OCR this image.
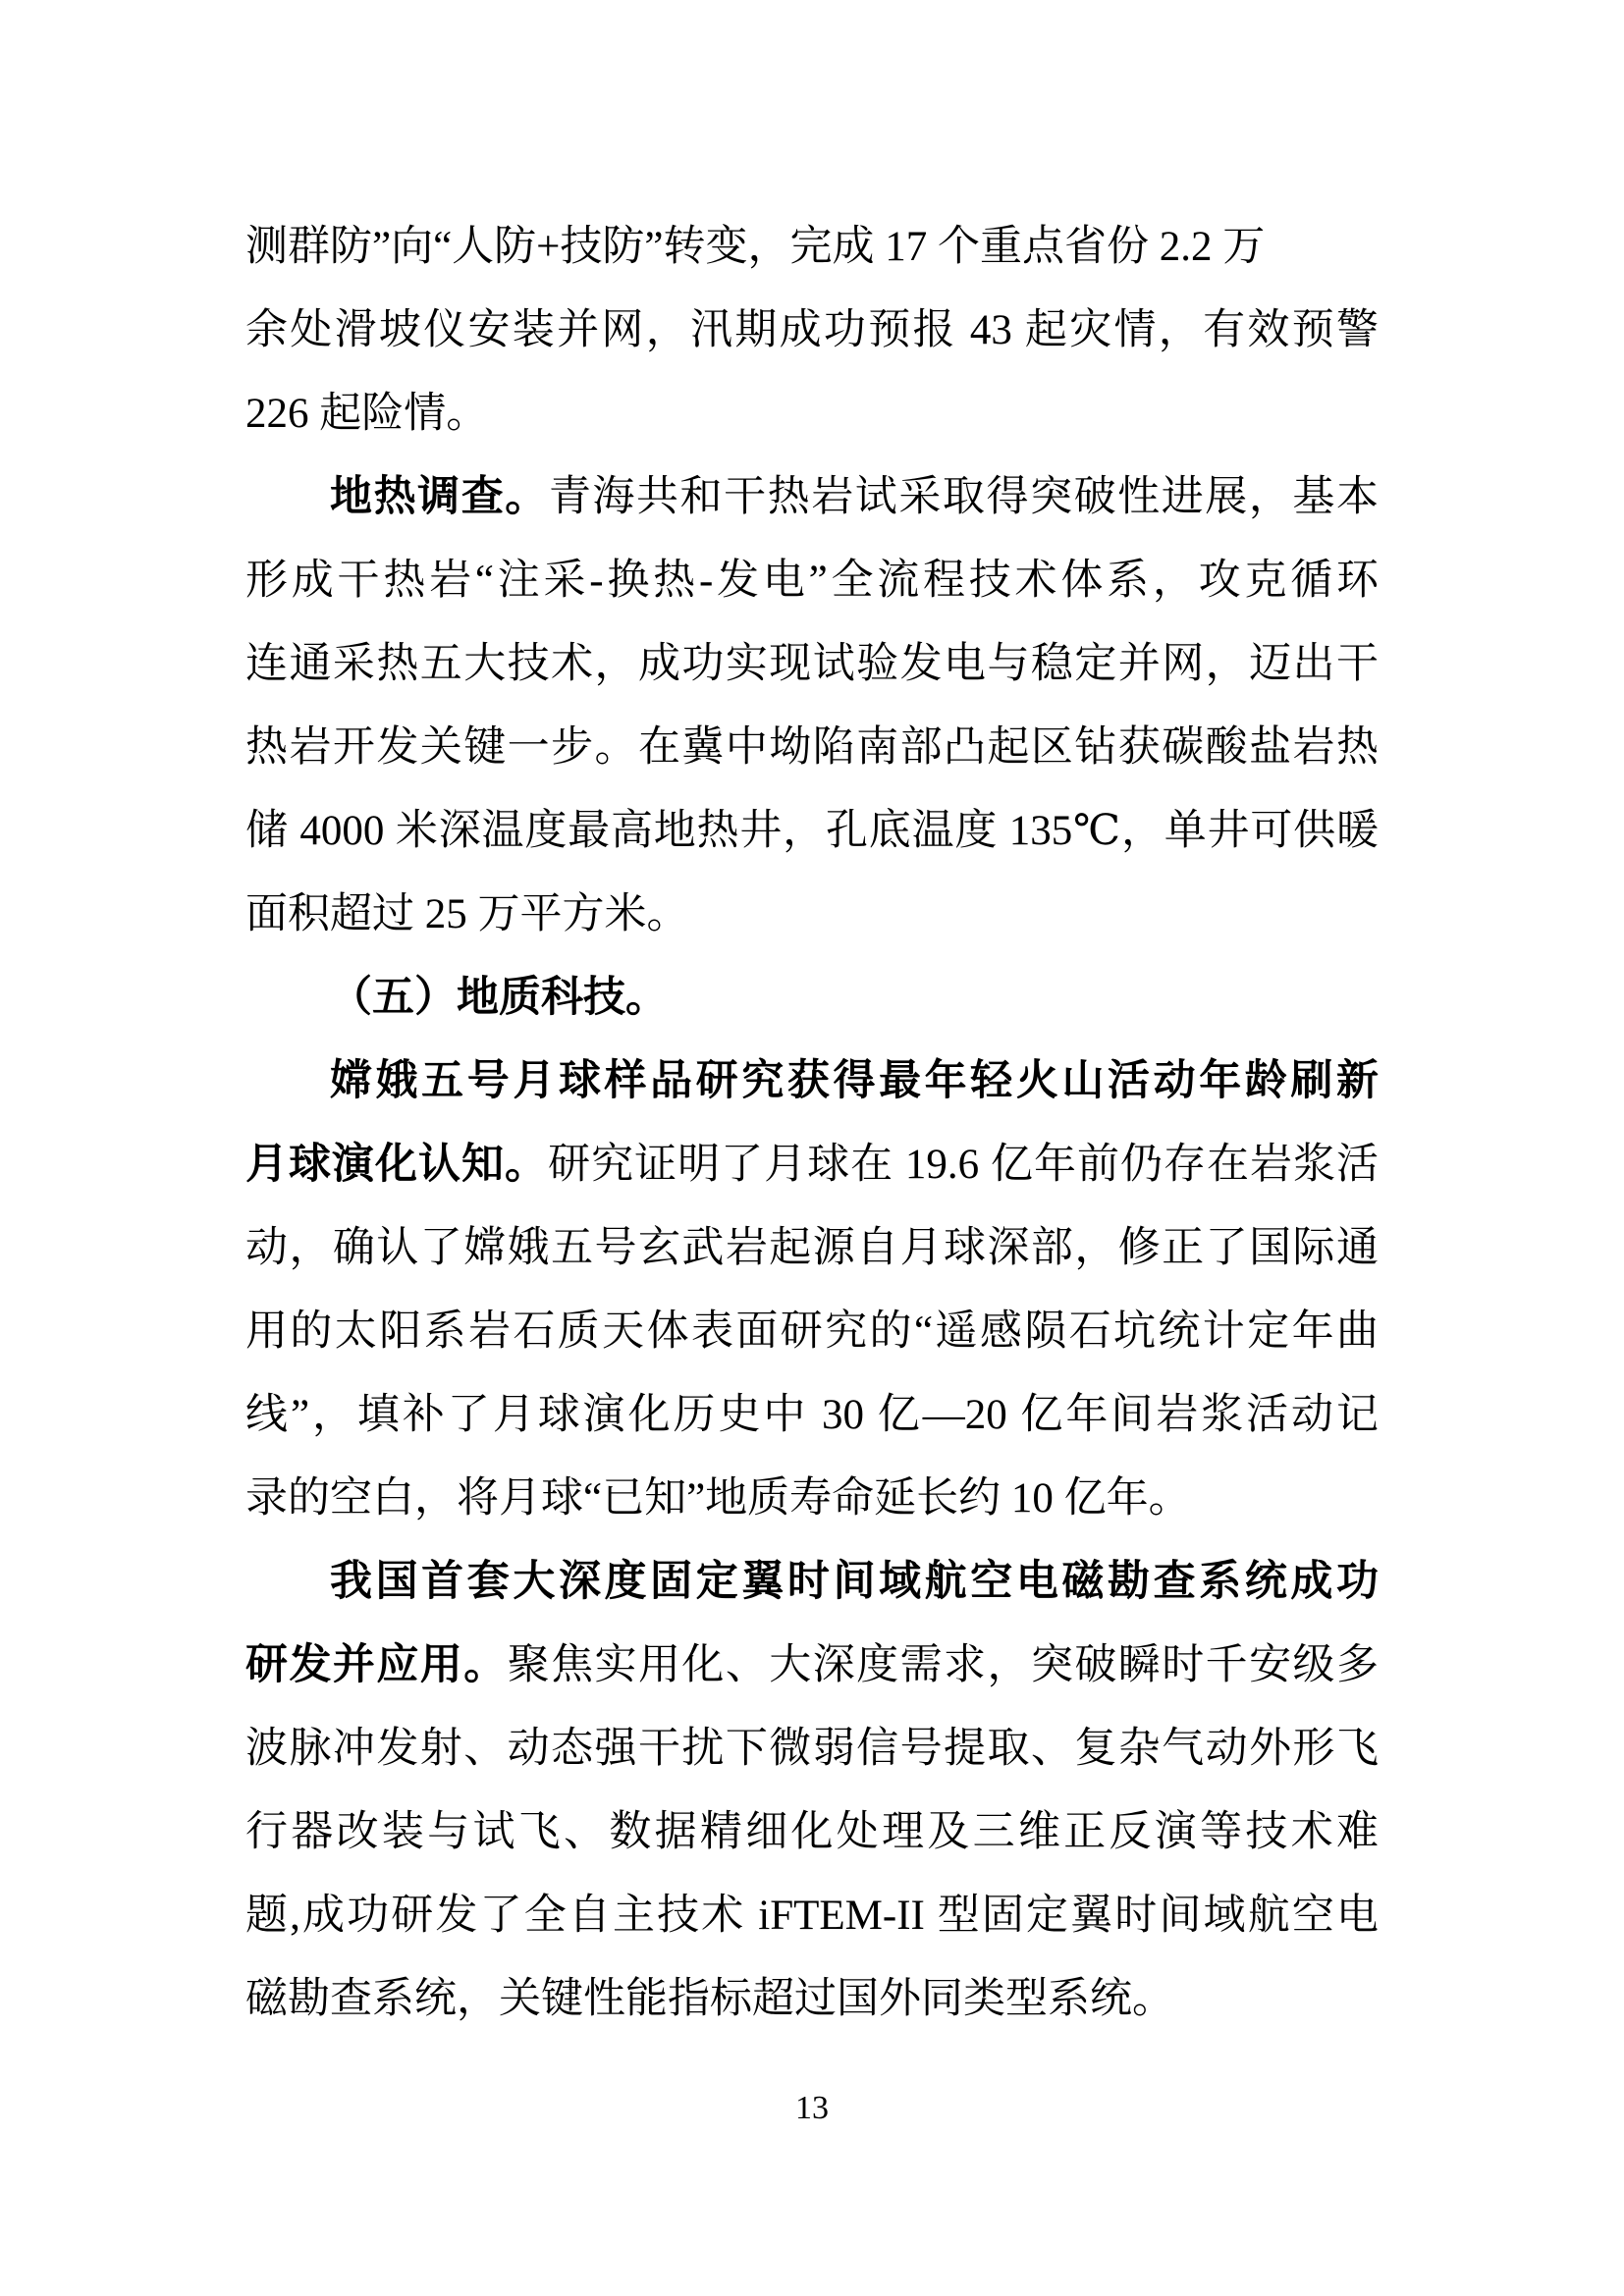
测群防”向“人防+技防”转变，完成 17 个重点省份 2.2 万
余处滑坡仪安装并网，汛期成功预报 43 起灾情，有效预警
226 起险情。
地热调查。青海共和干热岩试采取得突破性进展，基本
形成干热岩“注采-换热-发电”全流程技术体系，攻克循环
连通采热五大技术，成功实现试验发电与稳定并网，迈出干
热岩开发关键一步。在冀中坳陷南部凸起区钻获碳酸盐岩热
储 4000 米深温度最高地热井，孔底温度 135℃，单井可供暖
面积超过 25 万平方米。
（五）地质科技。
嫦娥五号月球样品研究获得最年轻火山活动年龄刷新
月球演化认知。研究证明了月球在 19.6 亿年前仍存在岩浆活
动，确认了嫦娥五号玄武岩起源自月球深部，修正了国际通
用的太阳系岩石质天体表面研究的“遥感陨石坑统计定年曲
线”，填补了月球演化历史中 30 亿—20 亿年间岩浆活动记
录的空白，将月球“已知”地质寿命延长约 10 亿年。
我国首套大深度固定翼时间域航空电磁勘查系统成功
研发并应用。聚焦实用化、大深度需求，突破瞬时千安级多
波脉冲发射、动态强干扰下微弱信号提取、复杂气动外形飞
行器改装与试飞、数据精细化处理及三维正反演等技术难
题,成功研发了全自主技术 iFTEM-II 型固定翼时间域航空电
磁勘查系统，关键性能指标超过国外同类型系统。
13
